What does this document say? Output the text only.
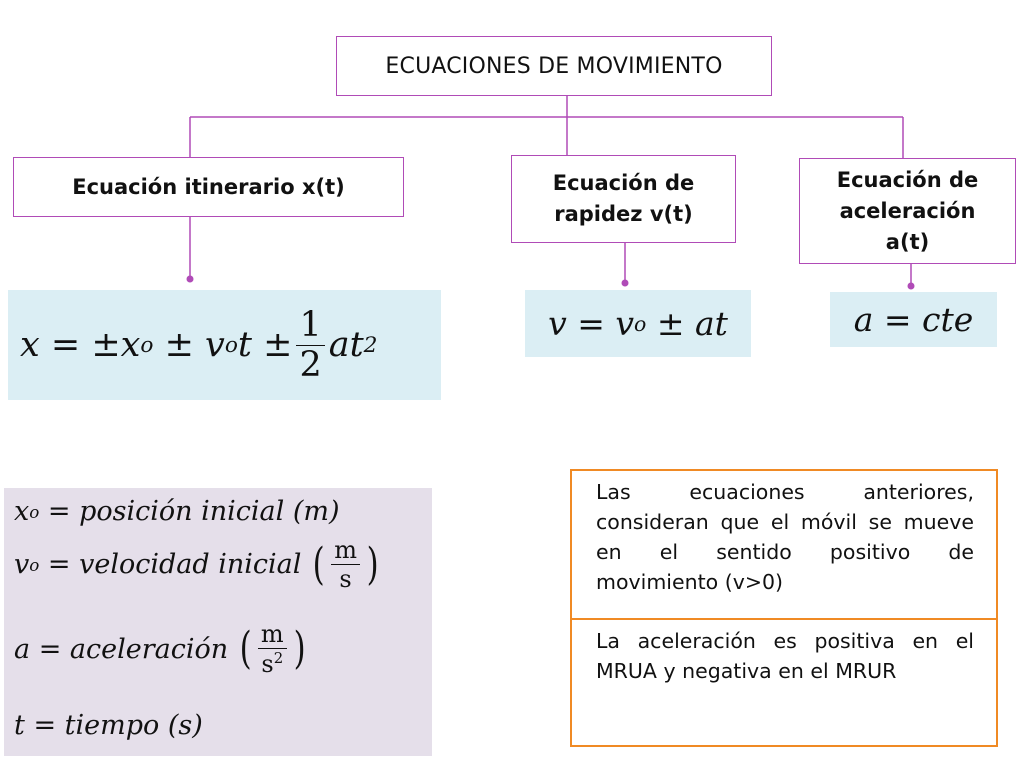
ECUACIONES DE MOVIMIENTO
Ecuación itinerario x(t)	Ecuación de
rapidez v(t)
Ecuación de
aceleración
a(t)
x = ±x o
± v o $t \pm \frac{1}{2}$ at 2
v = v o
± at	a = cte
x o = posición inicial
(m)
v o = velocidad inicial
( $\frac{m}{s}$ )
a = aceleración
( $\frac{m}{s^2}$ )
t = tiempo
(s)
Las ecuaciones anteriores, consideran que el móvil se mueve en el sentido positivo de movimiento (v>0)
La aceleración es positiva en el MRUA y negativa en el MRUR
